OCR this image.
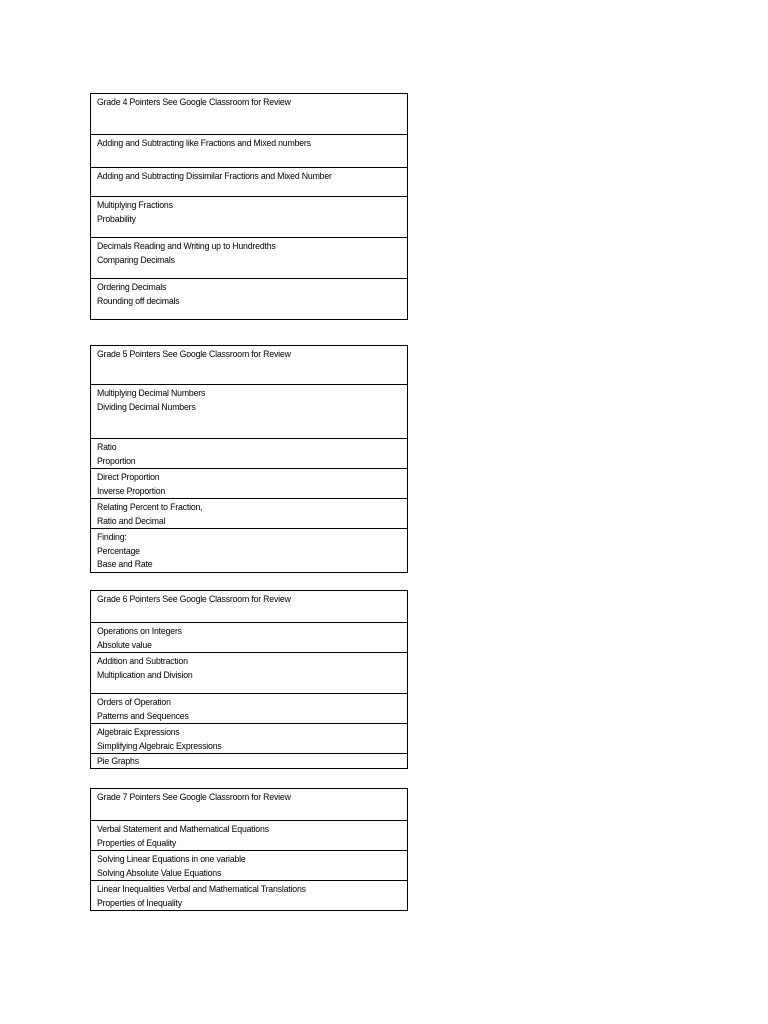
Grade 4 Pointers See Google Classroom for Review
Adding and Subtracting like Fractions and Mixed numbers
Adding and Subtracting Dissimilar Fractions and Mixed Number
Multiplying Fractions
Probability
Decimals Reading and Writing up to Hundredths
Comparing Decimals
Ordering Decimals
Rounding off decimals
Grade 5 Pointers See Google Classroom for Review
Multiplying Decimal Numbers
Dividing Decimal Numbers
Ratio
Proportion
Direct Proportion
Inverse Proportion
Relating Percent to Fraction,
Ratio and Decimal
Finding:
Percentage
Base and Rate
Grade 6 Pointers See Google Classroom for Review
Operations on Integers
Absolute value
Addition and Subtraction
Multiplication and Division
Orders of Operation
Patterns and Sequences
Algebraic Expressions
Simplifying Algebraic Expressions
Pie Graphs
Grade 7 Pointers See Google Classroom for Review
Verbal Statement and Mathematical Equations
Properties of Equality
Solving Linear Equations in one variable
Solving Absolute Value Equations
Linear Inequalities Verbal and Mathematical Translations
Properties of Inequality
